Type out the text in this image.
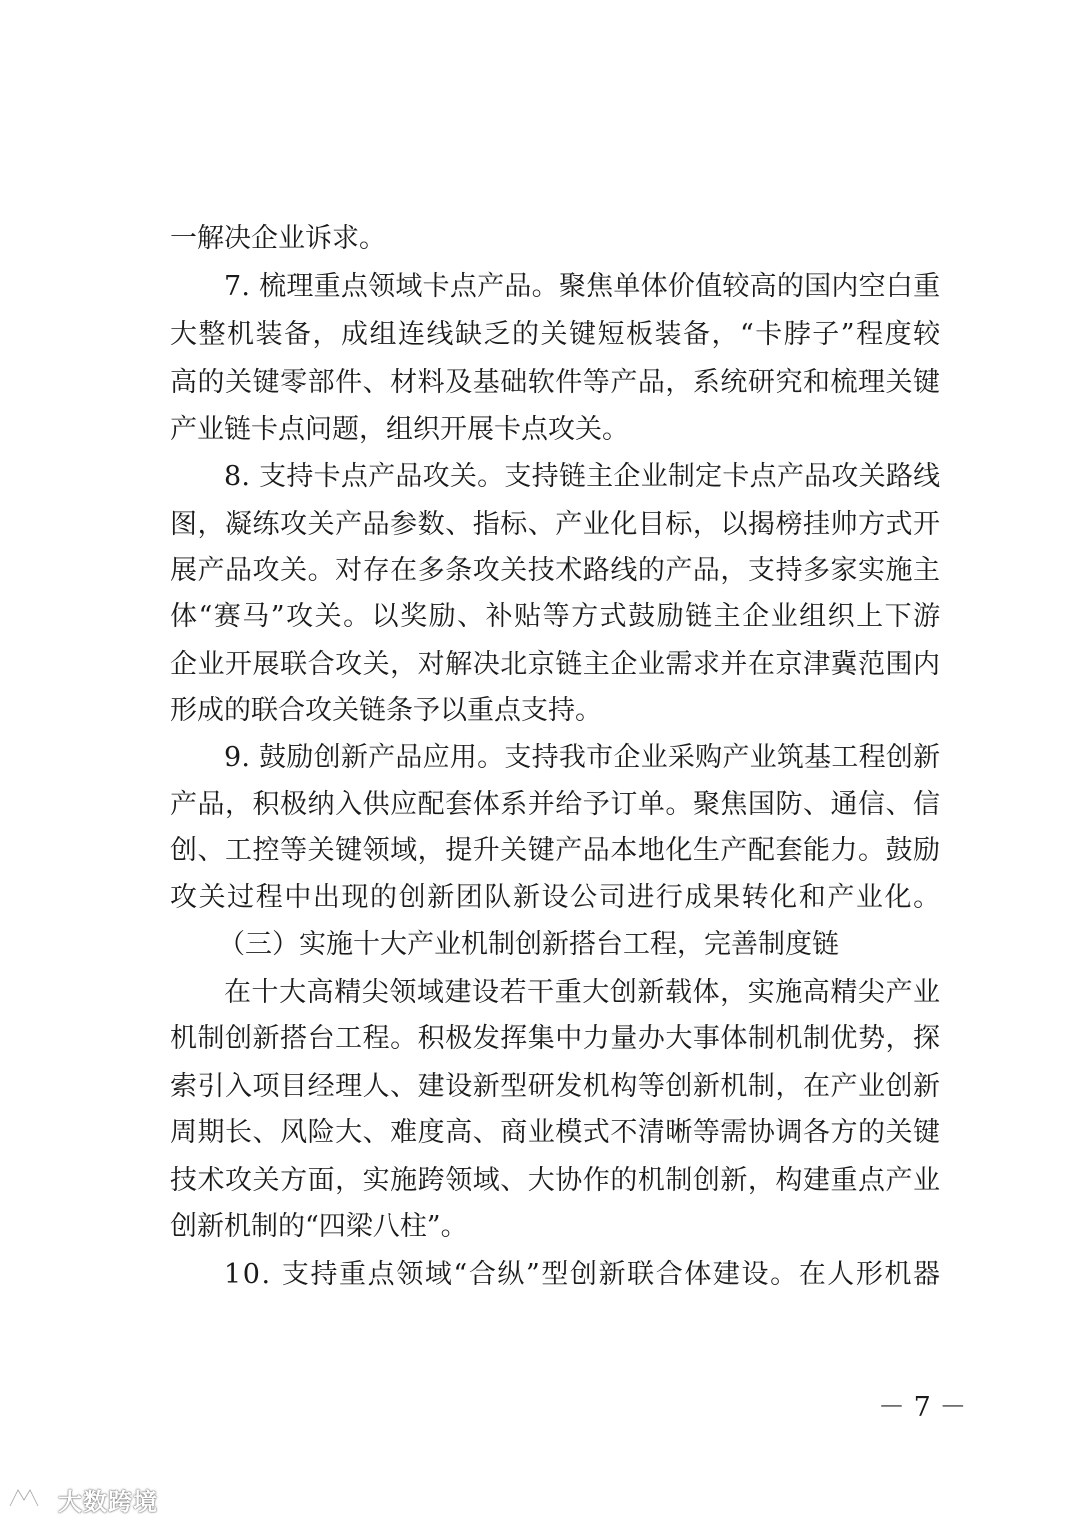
一解决企业诉求。
7. 梳理重点领域卡点产品。聚焦单体价值较高的国内空白重
大整机装备，成组连线缺乏的关键短板装备，“卡脖子”程度较
高的关键零部件、材料及基础软件等产品，系统研究和梳理关键
产业链卡点问题，组织开展卡点攻关。
8. 支持卡点产品攻关。支持链主企业制定卡点产品攻关路线
图，凝练攻关产品参数、指标、产业化目标，以揭榜挂帅方式开
展产品攻关。对存在多条攻关技术路线的产品，支持多家实施主
体“赛马”攻关。以奖励、补贴等方式鼓励链主企业组织上下游
企业开展联合攻关，对解决北京链主企业需求并在京津冀范围内
形成的联合攻关链条予以重点支持。
9. 鼓励创新产品应用。支持我市企业采购产业筑基工程创新
产品，积极纳入供应配套体系并给予订单。聚焦国防、通信、信
创、工控等关键领域，提升关键产品本地化生产配套能力。鼓励
攻关过程中出现的创新团队新设公司进行成果转化和产业化。
（三）实施十大产业机制创新搭台工程，完善制度链
在十大高精尖领域建设若干重大创新载体，实施高精尖产业
机制创新搭台工程。积极发挥集中力量办大事体制机制优势，探
索引入项目经理人、建设新型研发机构等创新机制，在产业创新
周期长、风险大、难度高、商业模式不清晰等需协调各方的关键
技术攻关方面，实施跨领域、大协作的机制创新，构建重点产业
创新机制的“四梁八柱”。
10. 支持重点领域“合纵”型创新联合体建设。在人形机器
－ 7 －
大数跨境
